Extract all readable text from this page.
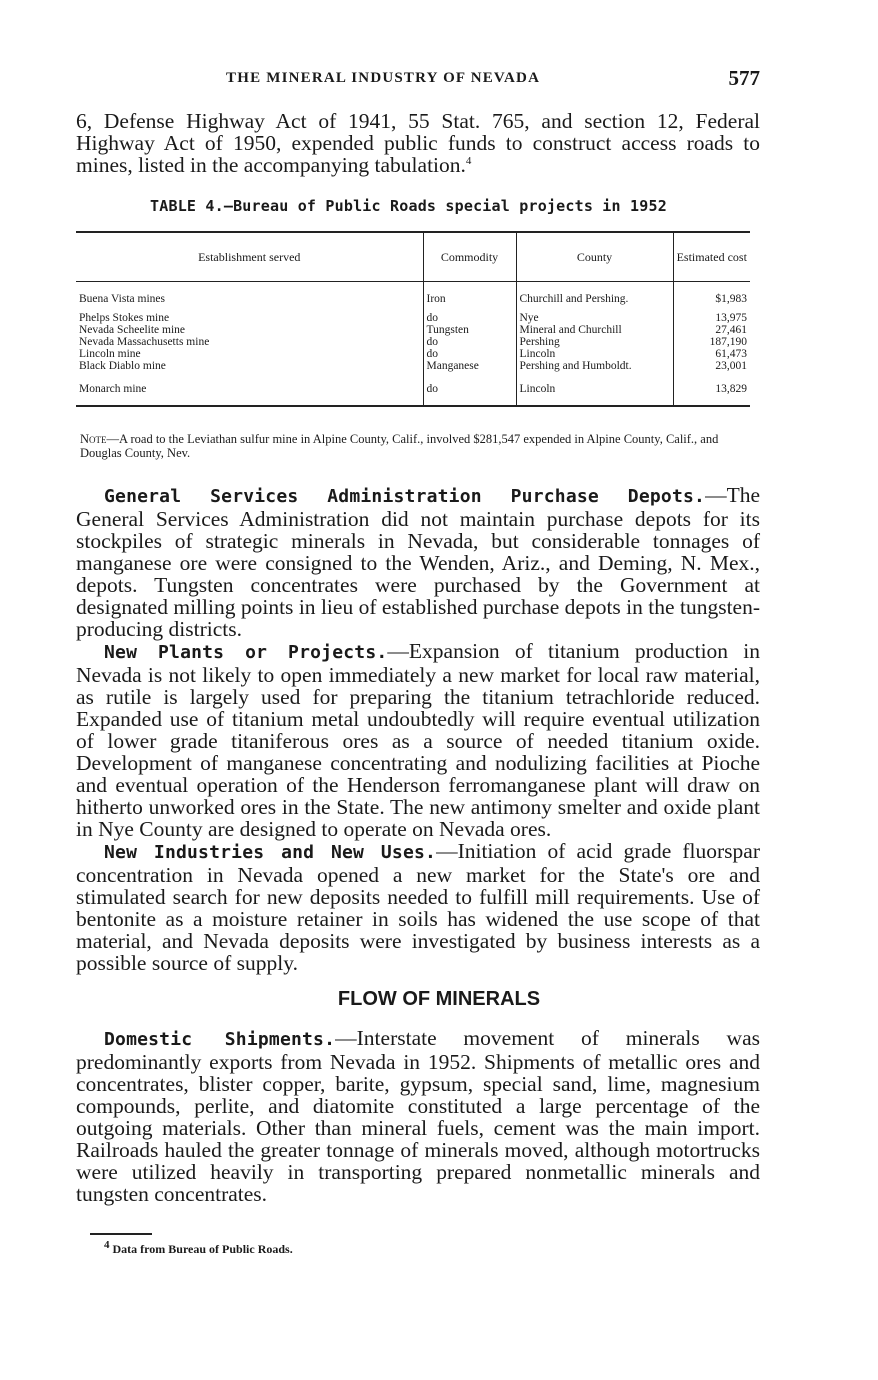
THE MINERAL INDUSTRY OF NEVADA	577

6, Defense Highway Act of 1941, 55 Stat. 765, and section 12, Federal Highway Act of 1950, expended public funds to construct access roads to mines, listed in the accompanying tabulation.$^4$

TABLE 4.—Bureau of Public Roads special projects in 1952
Establishment served	Commodity	County	Estimated cost
Buena Vista mines	Iron	Churchill and Pershing.	$1,983
Phelps Stokes mine	do	Nye	13,975
Nevada Scheelite mine	Tungsten	Mineral and Churchill	27,461
Nevada Massachusetts mine	do	Pershing	187,190
Lincoln mine	do	Lincoln	61,473
Black Diablo mine	Manganese	Pershing and Humboldt.	23,001
Monarch mine	do	Lincoln	13,829
Note—A road to the Leviathan sulfur mine in Alpine County, Calif., involved $281,547 expended in Alpine County, Calif., and Douglas County, Nev.

General Services Administration Purchase Depots.—The General Services Administration did not maintain purchase depots for its stockpiles of strategic minerals in Nevada, but considerable tonnages of manganese ore were consigned to the Wenden, Ariz., and Deming, N. Mex., depots. Tungsten concentrates were purchased by the Government at designated milling points in lieu of established purchase depots in the tungsten-producing districts.

New Plants or Projects.—Expansion of titanium production in Nevada is not likely to open immediately a new market for local raw material, as rutile is largely used for preparing the titanium tetrachloride reduced. Expanded use of titanium metal undoubtedly will require eventual utilization of lower grade titaniferous ores as a source of needed titanium oxide. Development of manganese concentrating and nodulizing facilities at Pioche and eventual operation of the Henderson ferromanganese plant will draw on hitherto unworked ores in the State. The new antimony smelter and oxide plant in Nye County are designed to operate on Nevada ores.

New Industries and New Uses.—Initiation of acid grade fluorspar concentration in Nevada opened a new market for the State's ore and stimulated search for new deposits needed to fulfill mill requirements. Use of bentonite as a moisture retainer in soils has widened the use scope of that material, and Nevada deposits were investigated by business interests as a possible source of supply.

FLOW OF MINERALS

Domestic Shipments.—Interstate movement of minerals was predominantly exports from Nevada in 1952. Shipments of metallic ores and concentrates, blister copper, barite, gypsum, special sand, lime, magnesium compounds, perlite, and diatomite constituted a large percentage of the outgoing materials. Other than mineral fuels, cement was the main import. Railroads hauled the greater tonnage of minerals moved, although motortrucks were utilized heavily in transporting prepared nonmetallic minerals and tungsten concentrates.

$^4$ Data from Bureau of Public Roads.
